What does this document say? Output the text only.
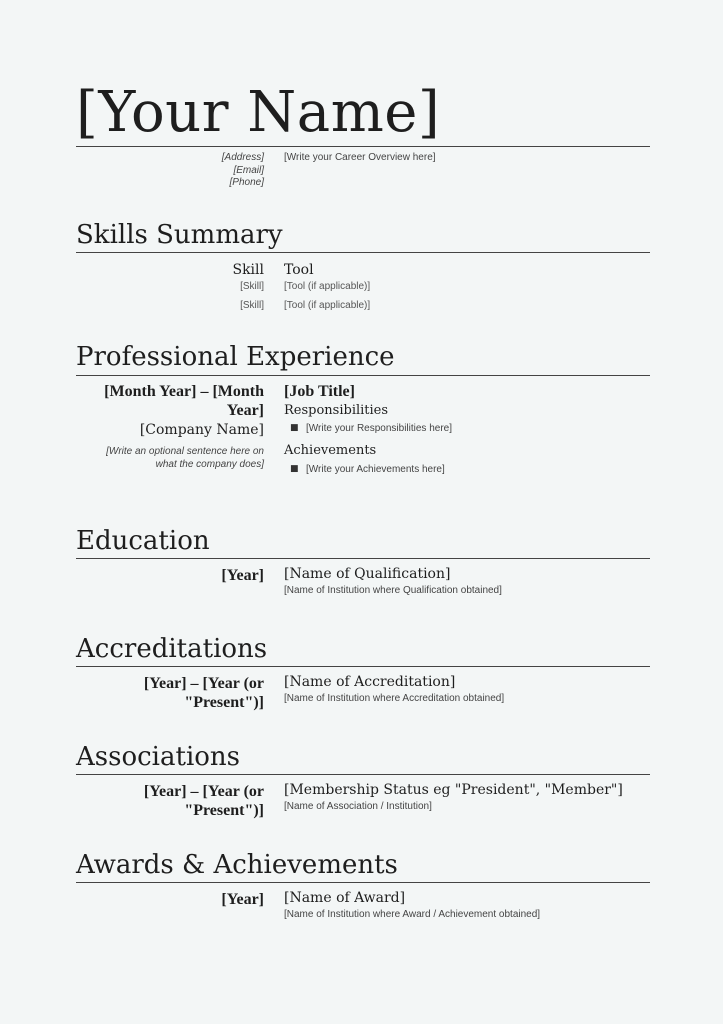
[Your Name]
[Address]
[Email]
[Phone]
[Write your Career Overview here]
Skills Summary
Skill Tool
[Skill] [Tool (if applicable)]
[Skill] [Tool (if applicable)]
Professional Experience
[Month Year] – [Month
Year]
[Company Name]
[Write an optional sentence here on
what the company does]
[Job Title]
Responsibilities
■ [Write your Responsibilities here]
Achievements
■ [Write your Achievements here]
Education
[Year] [Name of Qualification]
[Name of Institution where Qualification obtained]
Accreditations
[Year] – [Year (or
"Present")]
[Name of Accreditation]
[Name of Institution where Accreditation obtained]
Associations
[Year] – [Year (or
"Present")]
[Membership Status eg "President", "Member"]
[Name of Association / Institution]
Awards & Achievements
[Year] [Name of Award]
[Name of Institution where Award / Achievement obtained]
